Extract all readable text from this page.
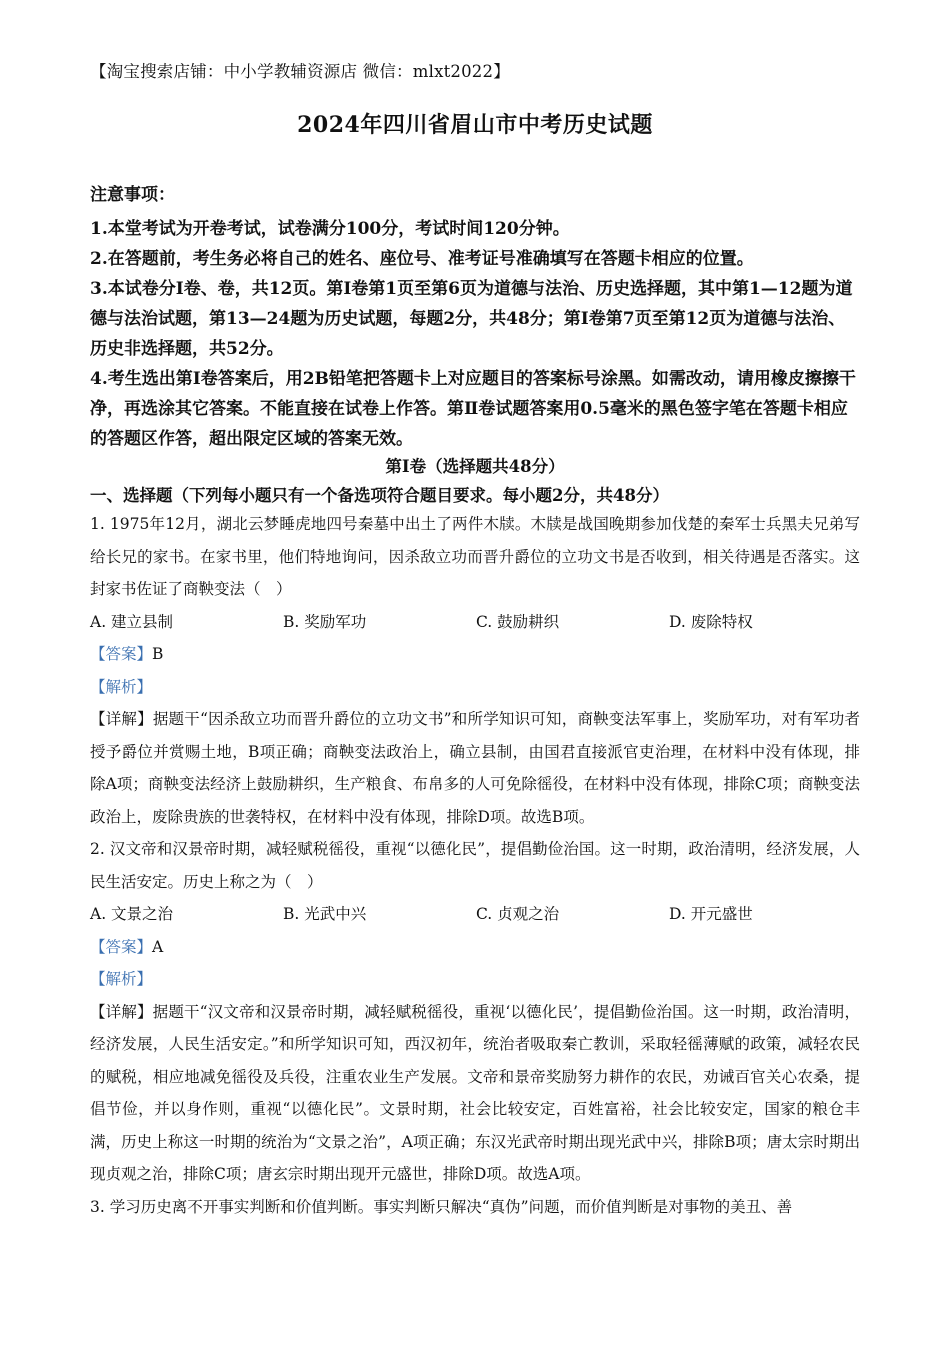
【淘宝搜索店铺：中小学教辅资源店 微信：mlxt2022】
2024年四川省眉山市中考历史试题
注意事项：

1.本堂考试为开卷考试，试卷满分100分，考试时间120分钟。

2.在答题前，考生务必将自己的姓名、座位号、准考证号准确填写在答题卡相应的位置。

3.本试卷分I卷、卷，共12页。第I卷第1页至第6页为道德与法治、历史选择题，其中第1—12题为道德与法治试题，第13—24题为历史试题，每题2分，共48分；第I卷第7页至第12页为道德与法治、历史非选择题，共52分。

4.考生选出第I卷答案后，用2B铅笔把答题卡上对应题目的答案标号涂黑。如需改动，请用橡皮擦擦干净，再选涂其它答案。不能直接在试卷上作答。第Ⅱ卷试题答案用0.5毫米的黑色签字笔在答题卡相应的答题区作答，超出限定区域的答案无效。

第I卷（选择题共48分）
一、选择题（下列每小题只有一个备选项符合题目要求。每小题2分，共48分）

1. 1975年12月，湖北云梦睡虎地四号秦墓中出土了两件木牍。木牍是战国晚期参加伐楚的秦军士兵黑夫兄弟写给长兄的家书。在家书里，他们特地询问，因杀敌立功而晋升爵位的立功文书是否收到，相关待遇是否落实。这封家书佐证了商鞅变法（　）

A. 建立县制	B. 奖励军功	C. 鼓励耕织	D. 废除特权

【答案】B

【解析】

【详解】据题干“因杀敌立功而晋升爵位的立功文书”和所学知识可知，商鞅变法军事上，奖励军功，对有军功者授予爵位并赏赐土地，B项正确；商鞅变法政治上，确立县制，由国君直接派官吏治理，在材料中没有体现，排除A项；商鞅变法经济上鼓励耕织，生产粮食、布帛多的人可免除徭役，在材料中没有体现，排除C项；商鞅变法政治上，废除贵族的世袭特权，在材料中没有体现，排除D项。故选B项。

2. 汉文帝和汉景帝时期，减轻赋税徭役，重视“以德化民”，提倡勤俭治国。这一时期，政治清明，经济发展，人民生活安定。历史上称之为（　）

A. 文景之治	B. 光武中兴	C. 贞观之治	D. 开元盛世

【答案】A

【解析】

【详解】据题干“汉文帝和汉景帝时期，减轻赋税徭役，重视‘以德化民’，提倡勤俭治国。这一时期，政治清明，经济发展，人民生活安定。”和所学知识可知，西汉初年，统治者吸取秦亡教训，采取轻徭薄赋的政策，减轻农民的赋税，相应地减免徭役及兵役，注重农业生产发展。文帝和景帝奖励努力耕作的农民，劝诫百官关心农桑，提倡节俭，并以身作则，重视“以德化民”。文景时期，社会比较安定，百姓富裕，社会比较安定，国家的粮仓丰满，历史上称这一时期的统治为“文景之治”，A项正确；东汉光武帝时期出现光武中兴，排除B项；唐太宗时期出现贞观之治，排除C项；唐玄宗时期出现开元盛世，排除D项。故选A项。

3. 学习历史离不开事实判断和价值判断。事实判断只解决“真伪”问题，而价值判断是对事物的美丑、善
